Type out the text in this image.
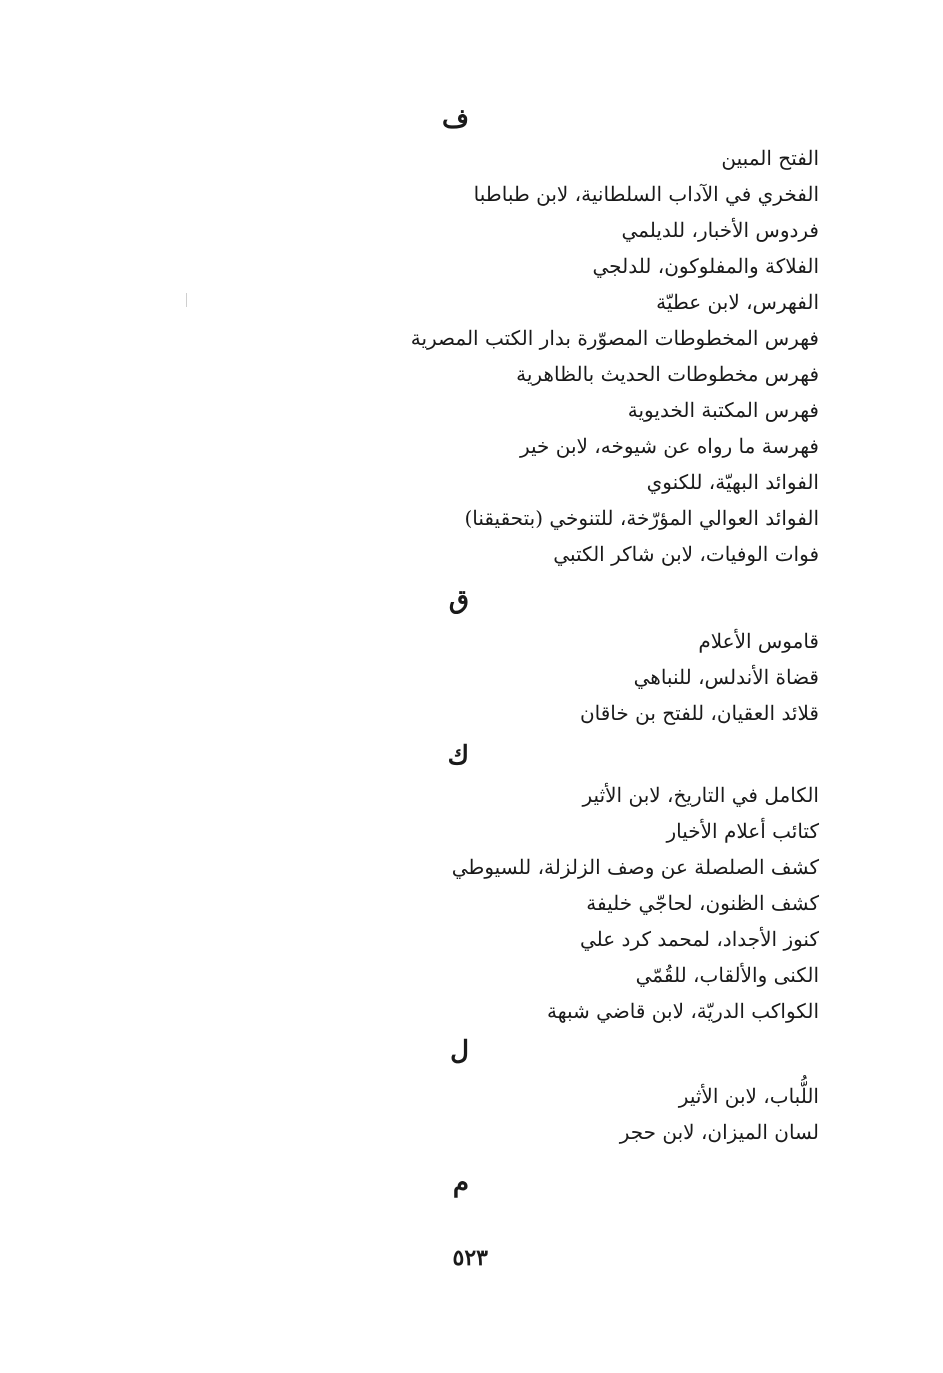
ف
الفتح المبين
الفخري في الآداب السلطانية، لابن طباطبا
فردوس الأخبار، للديلمي
الفلاكة والمفلوكون، للدلجي
الفهرس، لابن عطيّة
فهرس المخطوطات المصوّرة بدار الكتب المصرية
فهرس مخطوطات الحديث بالظاهرية
فهرس المكتبة الخديوية
فهرسة ما رواه عن شيوخه، لابن خير
الفوائد البهيّة، للكنوي
الفوائد العوالي المؤرّخة، للتنوخي (بتحقيقنا)
فوات الوفيات، لابن شاكر الكتبي
ق
قاموس الأعلام
قضاة الأندلس، للنباهي
قلائد العقيان، للفتح بن خاقان
ك
الكامل في التاريخ، لابن الأثير
كتائب أعلام الأخيار
كشف الصلصلة عن وصف الزلزلة، للسيوطي
كشف الظنون، لحاجّي خليفة
كنوز الأجداد، لمحمد كرد علي
الكنى والألقاب، للقُمّي
الكواكب الدريّة، لابن قاضي شبهة
ل
اللُّباب، لابن الأثير
لسان الميزان، لابن حجر
م
٥٢٣
